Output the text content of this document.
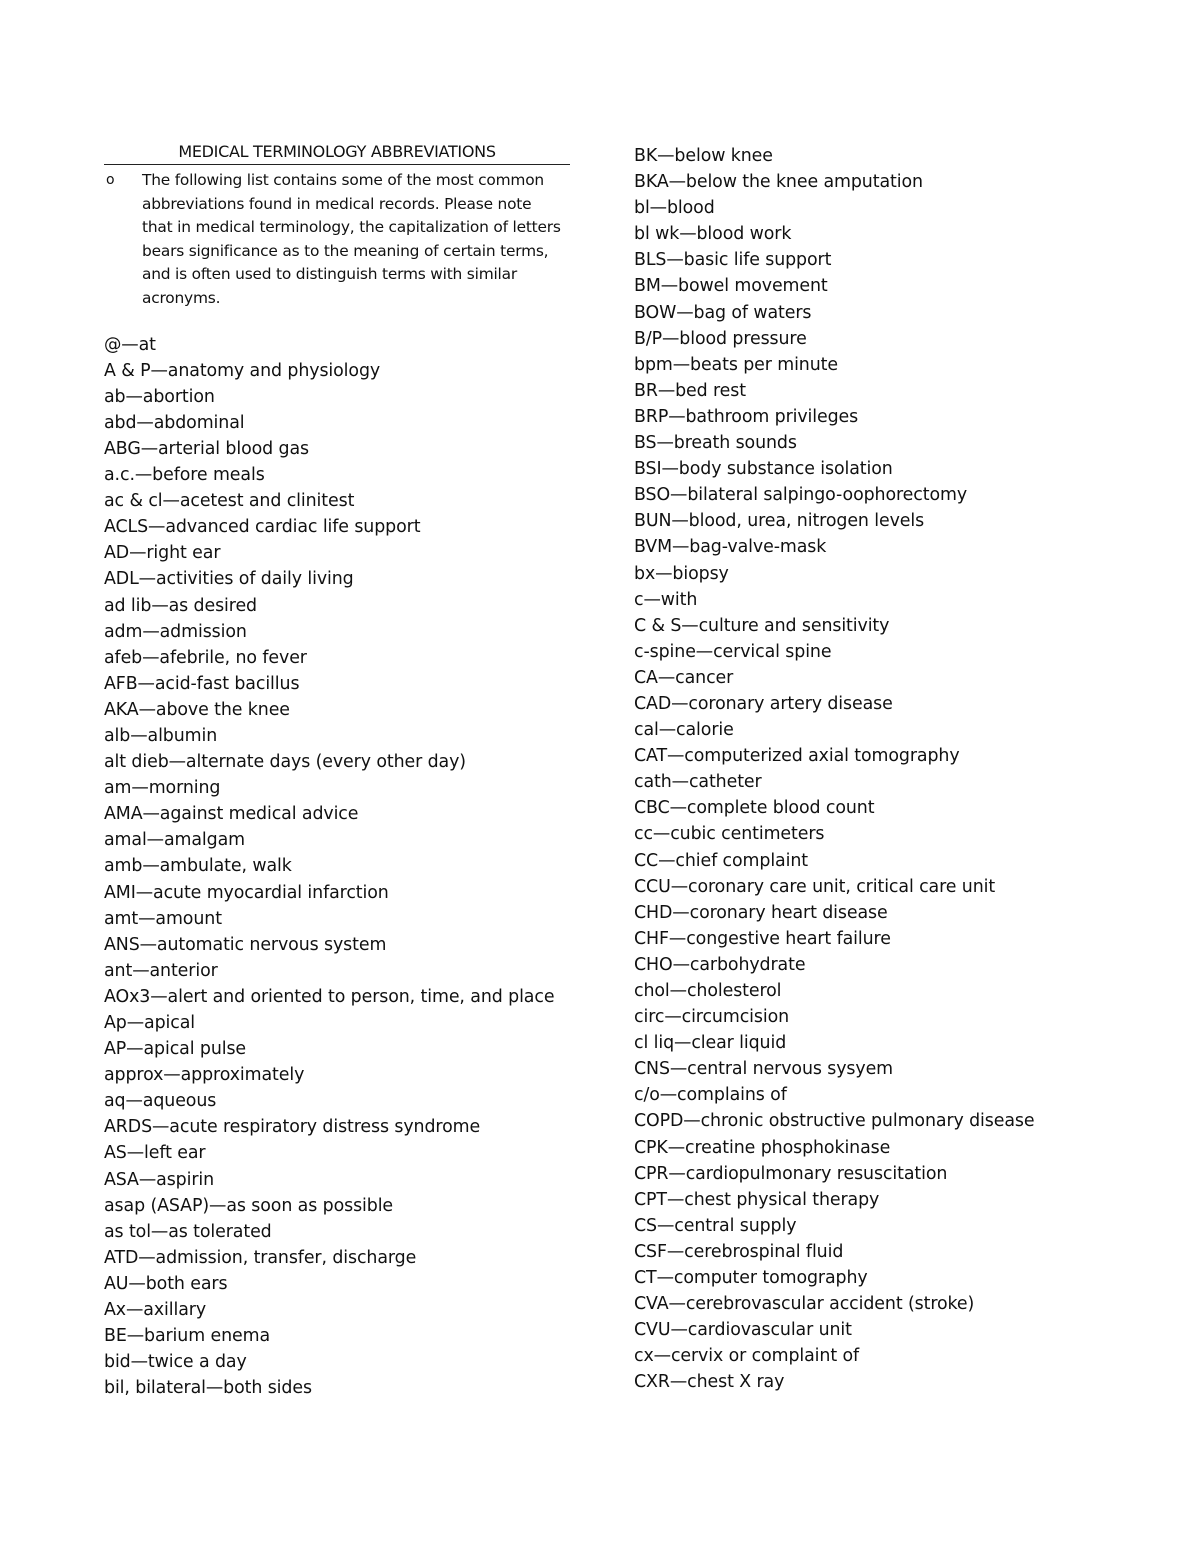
MEDICAL TERMINOLOGY ABBREVIATIONS
o	The following list contains some of the most common abbreviations found in medical records. Please note that in medical terminology, the capitalization of letters bears significance as to the meaning of certain terms, and is often used to distinguish terms with similar acronyms.
@—at
A & P—anatomy and physiology
ab—abortion
abd—abdominal
ABG—arterial blood gas
a.c.—before meals
ac & cl—acetest and clinitest
ACLS—advanced cardiac life support
AD—right ear
ADL—activities of daily living
ad lib—as desired
adm—admission
afeb—afebrile, no fever
AFB—acid-fast bacillus
AKA—above the knee
alb—albumin
alt dieb—alternate days (every other day)
am—morning
AMA—against medical advice
amal—amalgam
amb—ambulate, walk
AMI—acute myocardial infarction
amt—amount
ANS—automatic nervous system
ant—anterior
AOx3—alert and oriented to person, time, and place
Ap—apical
AP—apical pulse
approx—approximately
aq—aqueous
ARDS—acute respiratory distress syndrome
AS—left ear
ASA—aspirin
asap (ASAP)—as soon as possible
as tol—as tolerated
ATD—admission, transfer, discharge
AU—both ears
Ax—axillary
BE—barium enema
bid—twice a day
bil, bilateral—both sides
BK—below knee
BKA—below the knee amputation
bl—blood
bl wk—blood work
BLS—basic life support
BM—bowel movement
BOW—bag of waters
B/P—blood pressure
bpm—beats per minute
BR—bed rest
BRP—bathroom privileges
BS—breath sounds
BSI—body substance isolation
BSO—bilateral salpingo-oophorectomy
BUN—blood, urea, nitrogen levels
BVM—bag-valve-mask
bx—biopsy
c—with
C & S—culture and sensitivity
c-spine—cervical spine
CA—cancer
CAD—coronary artery disease
cal—calorie
CAT—computerized axial tomography
cath—catheter
CBC—complete blood count
cc—cubic centimeters
CC—chief complaint
CCU—coronary care unit, critical care unit
CHD—coronary heart disease
CHF—congestive heart failure
CHO—carbohydrate
chol—cholesterol
circ—circumcision
cl liq—clear liquid
CNS—central nervous sysyem
c/o—complains of
COPD—chronic obstructive pulmonary disease
CPK—creatine phosphokinase
CPR—cardiopulmonary resuscitation
CPT—chest physical therapy
CS—central supply
CSF—cerebrospinal fluid
CT—computer tomography
CVA—cerebrovascular accident (stroke)
CVU—cardiovascular unit
cx—cervix or complaint of
CXR—chest X ray
